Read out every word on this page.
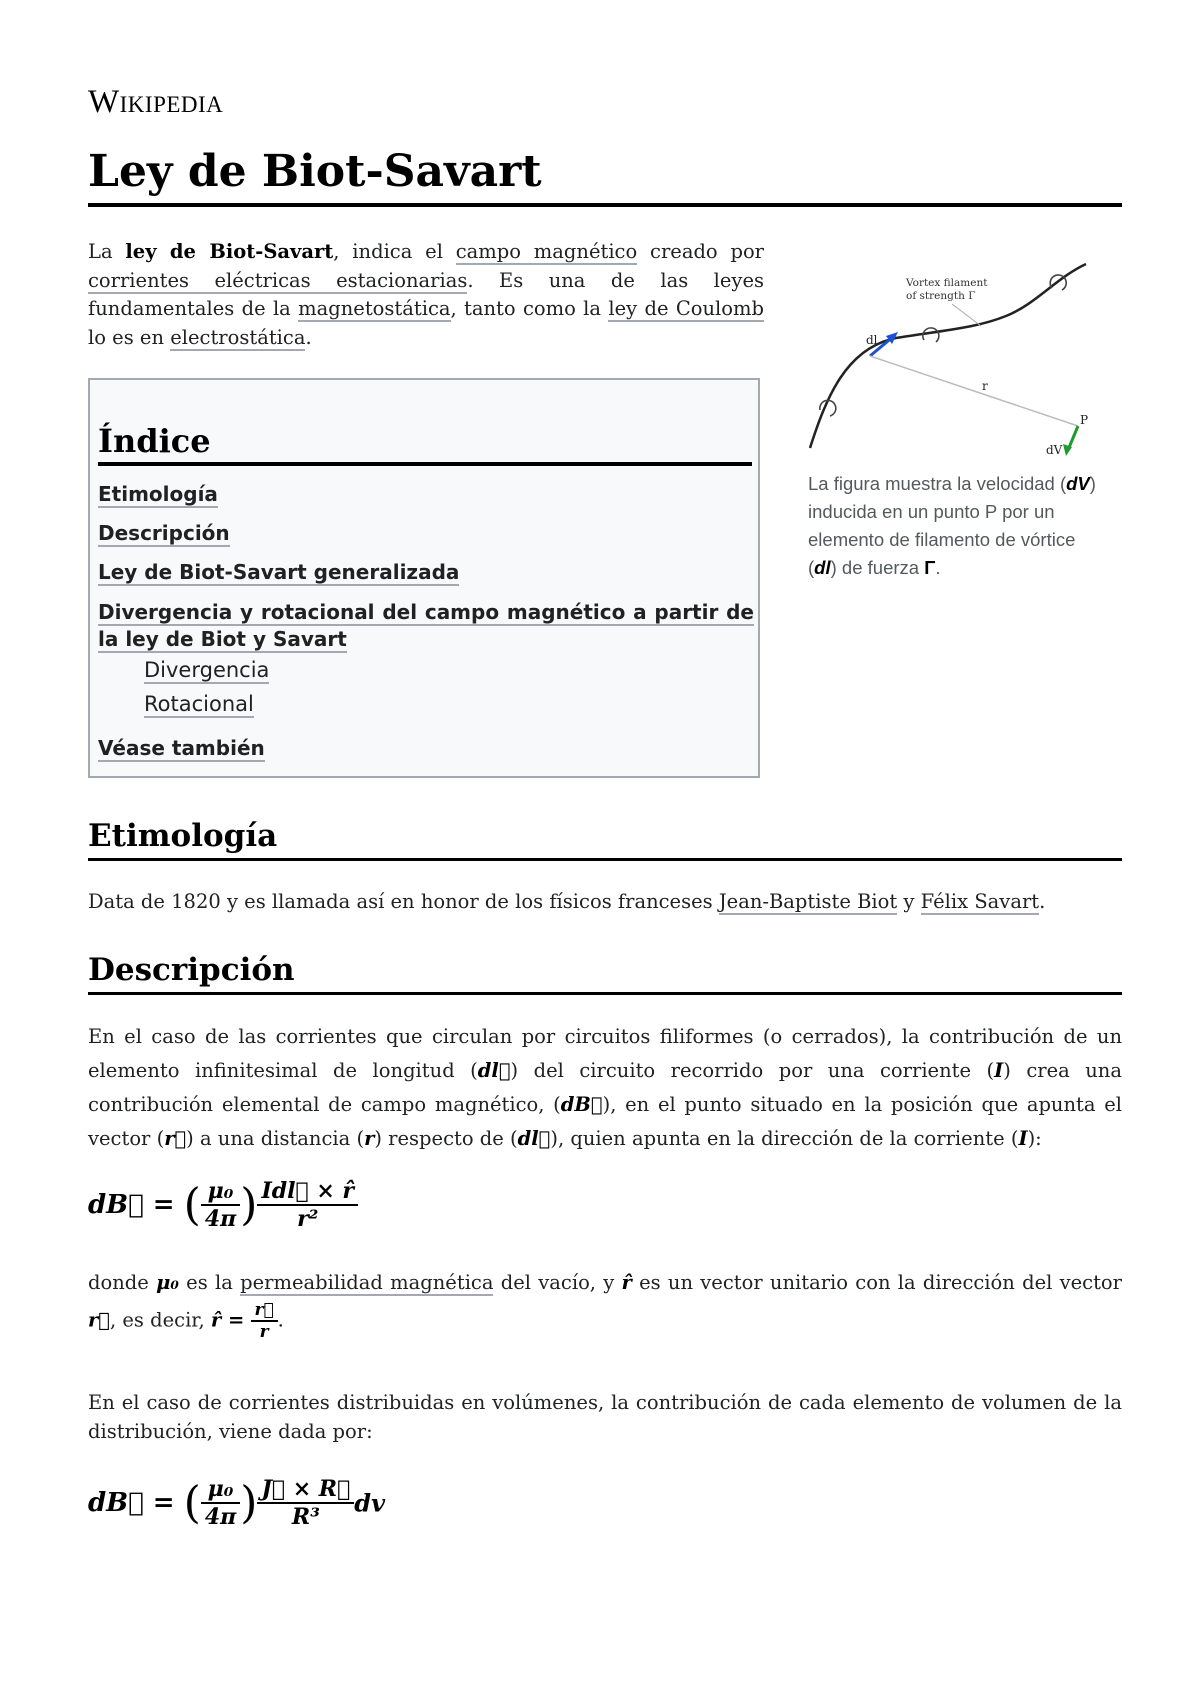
Wikipedia
Ley de Biot-Savart
La ley de Biot-Savart, indica el campo magnético creado por corrientes eléctricas estacionarias. Es una de las leyes fundamentales de la magnetostática, tanto como la ley de Coulomb lo es en electrostática.
Índice
Etimología
Descripción
Ley de Biot-Savart generalizada
Divergencia y rotacional del campo magnético a partir de la ley de Biot y Savart
Divergencia
Rotacional
Véase también
Vortex filament
of strength Γ
dl
r
P
dV
La figura muestra la velocidad (dV) inducida en un punto P por un elemento de filamento de vórtice (dl) de fuerza Γ.
Etimología
Data de 1820 y es llamada así en honor de los físicos franceses Jean-Baptiste Biot y Félix Savart.
Descripción
En el caso de las corrientes que circulan por circuitos filiformes (o cerrados), la contribución de un elemento infinitesimal de longitud (dl⃗) del circuito recorrido por una corriente (I) crea una contribución elemental de campo magnético, (dB⃗), en el punto situado en la posición que apunta el vector (r⃗) a una distancia (r) respecto de (dl⃗), quien apunta en la dirección de la corriente (I):
dB⃗ = ( $\frac{\text{μ₀}}{4\pi}$ ) $\frac{\text{Idl⃗ × r̂}}{\text{r²}}$
donde μ₀ es la permeabilidad magnética del vacío, y r̂ es un vector unitario con la dirección del vector r⃗, es decir, r̂ = $\frac{r⃗}{r}$ .
En el caso de corrientes distribuidas en volúmenes, la contribución de cada elemento de volumen de la distribución, viene dada por:
dB⃗ = ( $\frac{\text{μ₀}}{4\pi}$ ) $\frac{J⃗ \times R⃗}{\text{R³}}$ dv
